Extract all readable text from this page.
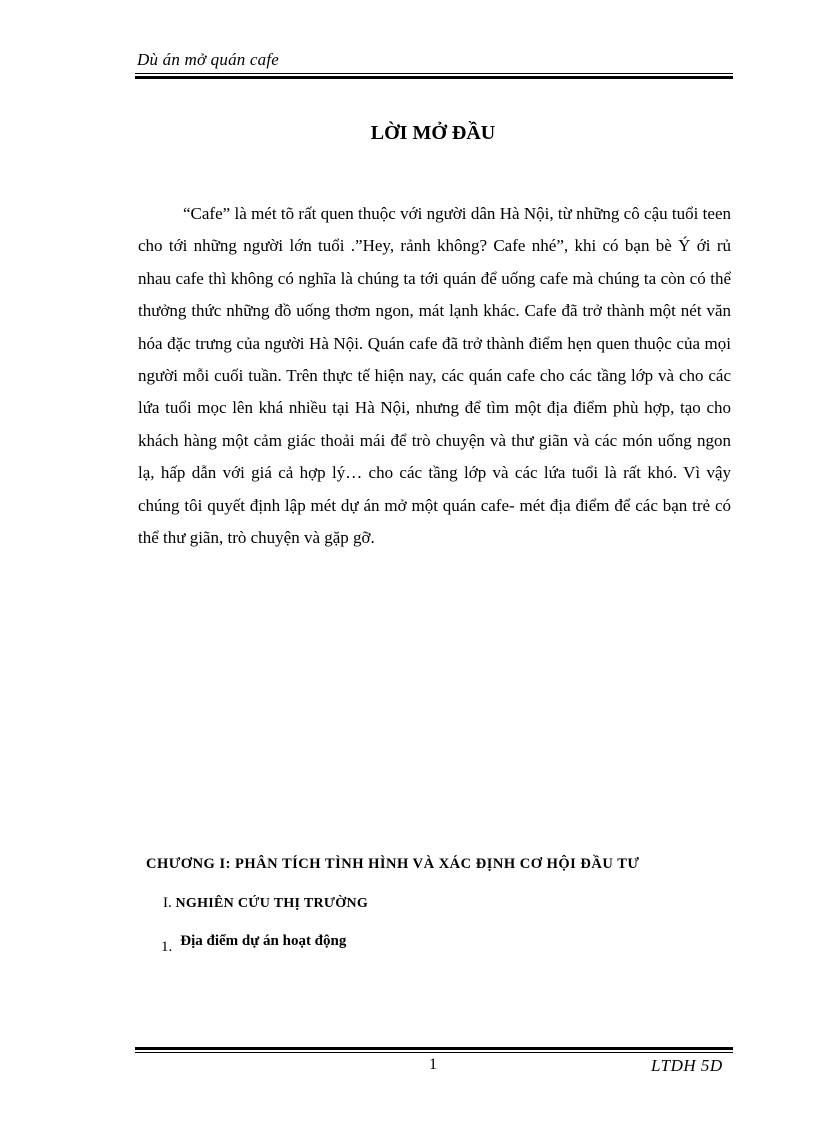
Dù án mở quán cafe
LỜI MỞ ĐẦU

“Cafe” là mét tõ rất quen thuộc với người dân Hà Nội, từ những cô cậu tuổi teen cho tới những người lớn tuổi .”Hey, rảnh không? Cafe nhé”, khi có bạn bè Ý ới rủ nhau cafe thì không có nghĩa là chúng ta tới quán để uống cafe mà chúng ta còn có thể thưởng thức những đồ uống thơm ngon, mát lạnh khác. Cafe đã trở thành một nét văn hóa đặc trưng của người Hà Nội. Quán cafe đã trở thành điểm hẹn quen thuộc của mọi người mỗi cuối tuần. Trên thực tế hiện nay, các quán cafe cho các tầng lớp và cho các lứa tuổi mọc lên khá nhiều tại Hà Nội, nhưng để tìm một địa điểm phù hợp, tạo cho khách hàng một cảm giác thoải mái để trò chuyện và thư giãn và các món uống ngon lạ, hấp dẫn với giá cả hợp lý… cho các tầng lớp và các lứa tuổi là rất khó. Vì vậy chúng tôi quyết định lập mét dự án mở một quán cafe- mét địa điểm để các bạn trẻ có thể thư giãn, trò chuyện và gặp gỡ.

CHƯƠNG I: PHÂN TÍCH TÌNH HÌNH VÀ XÁC ĐỊNH CƠ HỘI ĐẦU TƯ
I. NGHIÊN CỨU THỊ TRƯỜNG
1. Địa điểm dự án hoạt động
1	LTDH 5D
